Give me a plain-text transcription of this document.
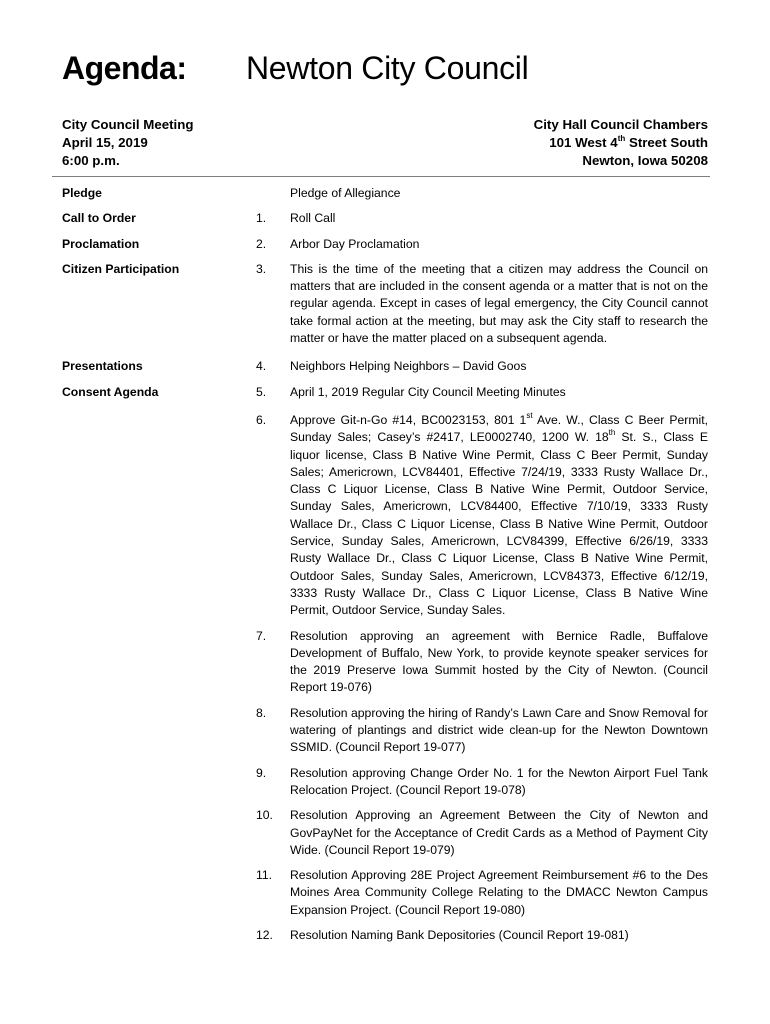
Agenda: Newton City Council
City Council Meeting
April 15, 2019
6:00 p.m.
City Hall Council Chambers
101 West 4th Street South
Newton, Iowa 50208
Pledge	Pledge of Allegiance
Call to Order	1.	Roll Call
Proclamation	2.	Arbor Day Proclamation
Citizen Participation	3.	This is the time of the meeting that a citizen may address the Council on matters that are included in the consent agenda or a matter that is not on the regular agenda. Except in cases of legal emergency, the City Council cannot take formal action at the meeting, but may ask the City staff to research the matter or have the matter placed on a subsequent agenda.
Presentations	4.	Neighbors Helping Neighbors – David Goos
Consent Agenda	5.	April 1, 2019 Regular City Council Meeting Minutes
6.	Approve Git-n-Go #14, BC0023153, 801 1st Ave. W., Class C Beer Permit, Sunday Sales; Casey’s #2417, LE0002740, 1200 W. 18th St. S., Class E liquor license, Class B Native Wine Permit, Class C Beer Permit, Sunday Sales; Americrown, LCV84401, Effective 7/24/19, 3333 Rusty Wallace Dr., Class C Liquor License, Class B Native Wine Permit, Outdoor Service, Sunday Sales, Americrown, LCV84400, Effective 7/10/19, 3333 Rusty Wallace Dr., Class C Liquor License, Class B Native Wine Permit, Outdoor Service, Sunday Sales, Americrown, LCV84399, Effective 6/26/19, 3333 Rusty Wallace Dr., Class C Liquor License, Class B Native Wine Permit, Outdoor Sales, Sunday Sales, Americrown, LCV84373, Effective 6/12/19, 3333 Rusty Wallace Dr., Class C Liquor License, Class B Native Wine Permit, Outdoor Service, Sunday Sales.
7.	Resolution approving an agreement with Bernice Radle, Buffalove Development of Buffalo, New York, to provide keynote speaker services for the 2019 Preserve Iowa Summit hosted by the City of Newton. (Council Report 19-076)
8.	Resolution approving the hiring of Randy’s Lawn Care and Snow Removal for watering of plantings and district wide clean-up for the Newton Downtown SSMID. (Council Report 19-077)
9.	Resolution approving Change Order No. 1 for the Newton Airport Fuel Tank Relocation Project. (Council Report 19-078)
10.	Resolution Approving an Agreement Between the City of Newton and GovPayNet for the Acceptance of Credit Cards as a Method of Payment City Wide. (Council Report 19-079)
11.	Resolution Approving 28E Project Agreement Reimbursement #6 to the Des Moines Area Community College Relating to the DMACC Newton Campus Expansion Project. (Council Report 19-080)
12.	Resolution Naming Bank Depositories (Council Report 19-081)
